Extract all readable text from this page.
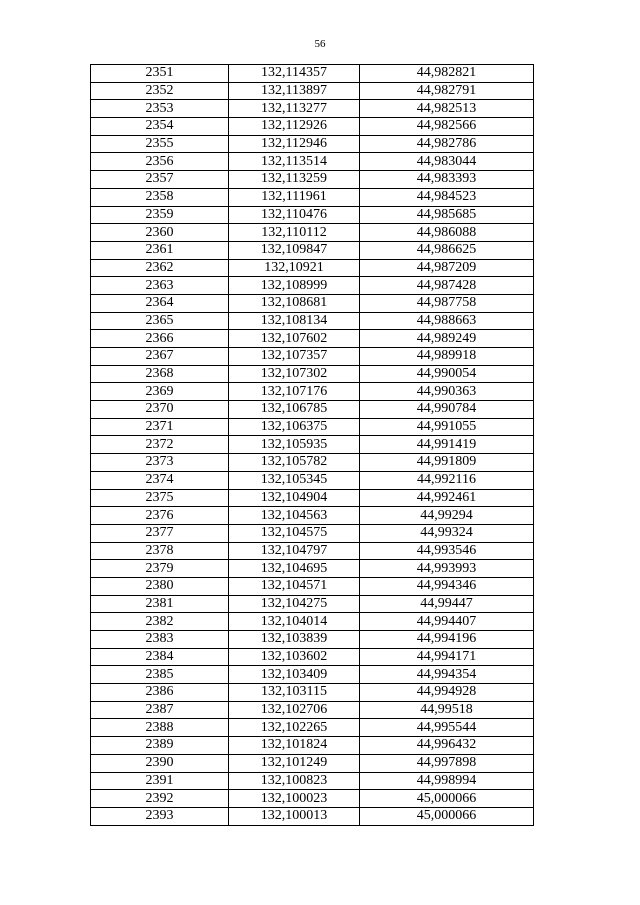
56
2351	132,114357	44,982821
2352	132,113897	44,982791
2353	132,113277	44,982513
2354	132,112926	44,982566
2355	132,112946	44,982786
2356	132,113514	44,983044
2357	132,113259	44,983393
2358	132,111961	44,984523
2359	132,110476	44,985685
2360	132,110112	44,986088
2361	132,109847	44,986625
2362	132,10921	44,987209
2363	132,108999	44,987428
2364	132,108681	44,987758
2365	132,108134	44,988663
2366	132,107602	44,989249
2367	132,107357	44,989918
2368	132,107302	44,990054
2369	132,107176	44,990363
2370	132,106785	44,990784
2371	132,106375	44,991055
2372	132,105935	44,991419
2373	132,105782	44,991809
2374	132,105345	44,992116
2375	132,104904	44,992461
2376	132,104563	44,99294
2377	132,104575	44,99324
2378	132,104797	44,993546
2379	132,104695	44,993993
2380	132,104571	44,994346
2381	132,104275	44,99447
2382	132,104014	44,994407
2383	132,103839	44,994196
2384	132,103602	44,994171
2385	132,103409	44,994354
2386	132,103115	44,994928
2387	132,102706	44,99518
2388	132,102265	44,995544
2389	132,101824	44,996432
2390	132,101249	44,997898
2391	132,100823	44,998994
2392	132,100023	45,000066
2393	132,100013	45,000066
